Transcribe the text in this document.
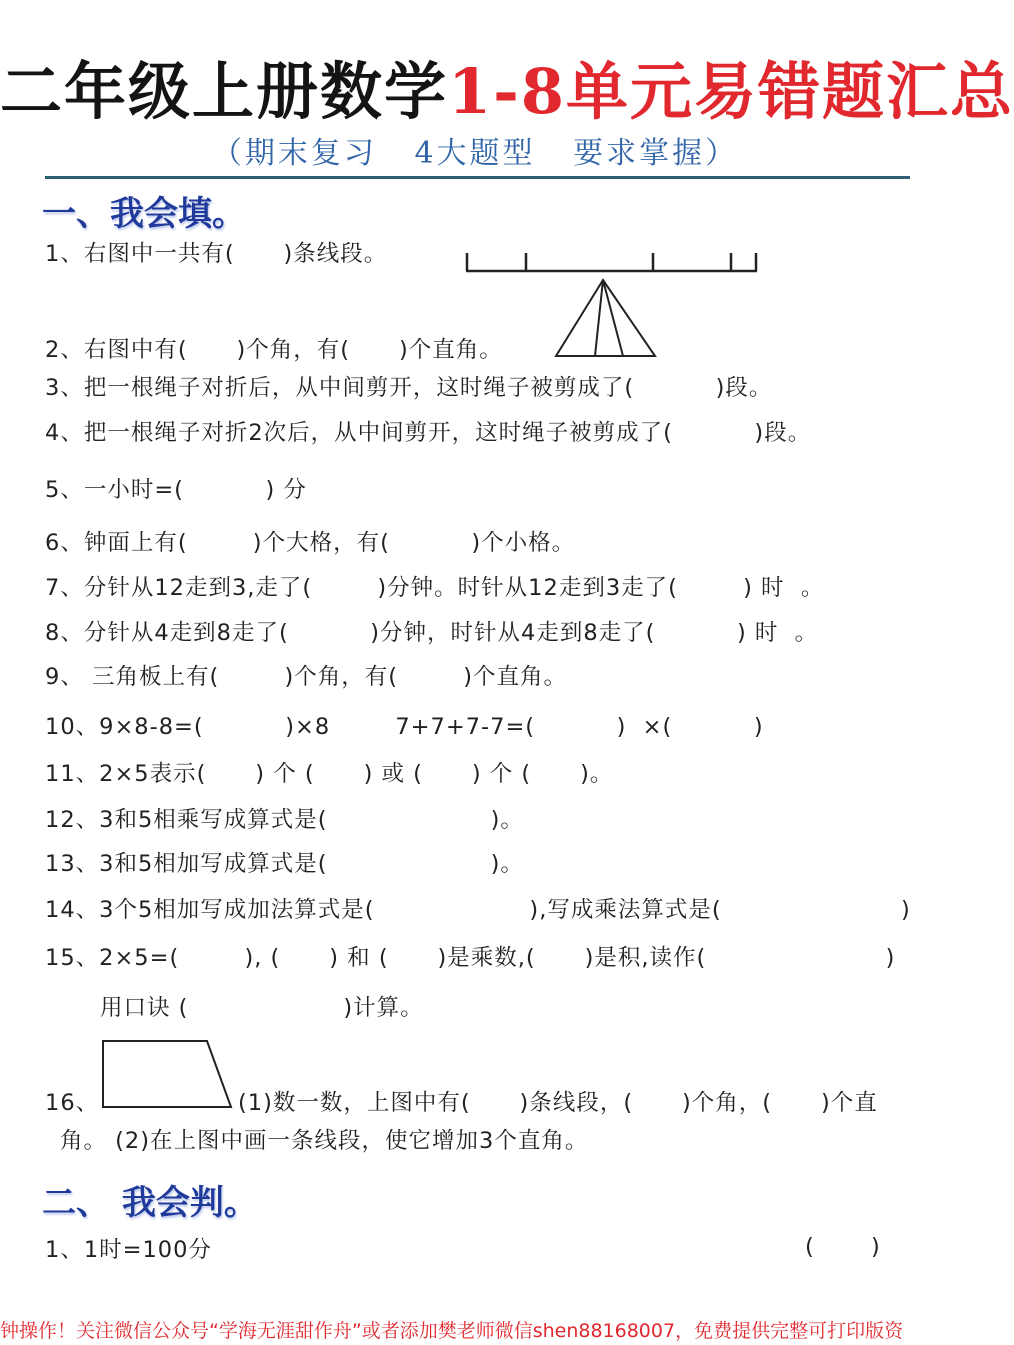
二年级上册数学1-8单元易错题汇总
（期末复习   4大题型   要求掌握）
一、我会填。
1、右图中一共有(      )条线段。
2、右图中有(      )个角，有(      )个直角。
3、把一根绳子对折后，从中间剪开，这时绳子被剪成了(          )段。
4、把一根绳子对折2次后，从中间剪开，这时绳子被剪成了(          )段。
5、一小时=(          ) 分
6、钟面上有(        )个大格，有(          )个小格。
7、分针从12走到3,走了(        )分钟。时针从12走到3走了(        ) 时  。
8、分针从4走到8走了(          )分钟，时针从4走到8走了(          ) 时  。
9、 三角板上有(        )个角，有(        )个直角。
10、9×8-8=(          )×8        7+7+7-7=(          )  ×(          )
11、2×5表示(      ) 个 (      ) 或 (      ) 个 (      )。
12、3和5相乘写成算式是(                    )。
13、3和5相加写成算式是(                    )。
14、3个5相加写成加法算式是(                   ),写成乘法算式是(                      )
15、2×5=(        ), (      ) 和 (      )是乘数,(      )是积,读作(                      )
用口诀 (                   )计算。
16、	(1)数一数，上图中有(      )条线段，(      )个角，(      )个直
角。 (2)在上图中画一条线段，使它增加3个直角。
二、 我会判。
1、1时=100分	(        )
钟操作！关注微信公众号“学海无涯甜作舟”或者添加樊老师微信shen88168007，免费提供完整可打印版资
